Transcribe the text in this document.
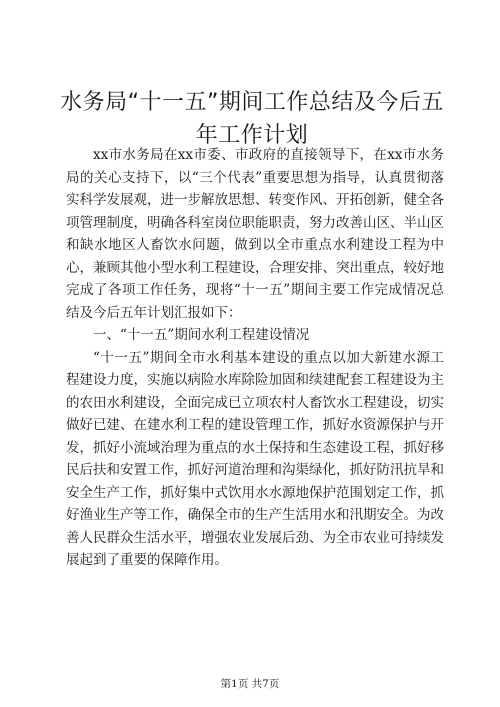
水务局“十一五”期间工作总结及今后五年工作计划

xx市水务局在xx市委、市政府的直接领导下，在xx市水务局的关心支持下，以“三个代表”重要思想为指导，认真贯彻落实科学发展观，进一步解放思想、转变作风、开拓创新，健全各项管理制度，明确各科室岗位职能职责，努力改善山区、半山区和缺水地区人畜饮水问题，做到以全市重点水利建设工程为中心，兼顾其他小型水利工程建设，合理安排、突出重点，较好地完成了各项工作任务，现将“十一五”期间主要工作完成情况总结及今后五年计划汇报如下：

一、“十一五”期间水利工程建设情况

“十一五”期间全市水利基本建设的重点以加大新建水源工程建设力度，实施以病险水库除险加固和续建配套工程建设为主的农田水利建设，全面完成已立项农村人畜饮水工程建设，切实做好已建、在建水利工程的建设管理工作，抓好水资源保护与开发，抓好小流域治理为重点的水土保持和生态建设工程，抓好移民后扶和安置工作，抓好河道治理和沟渠绿化，抓好防汛抗旱和安全生产工作，抓好集中式饮用水水源地保护范围划定工作，抓好渔业生产等工作，确保全市的生产生活用水和汛期安全。为改善人民群众生活水平，增强农业发展后劲、为全市农业可持续发展起到了重要的保障作用。

第1页 共7页
